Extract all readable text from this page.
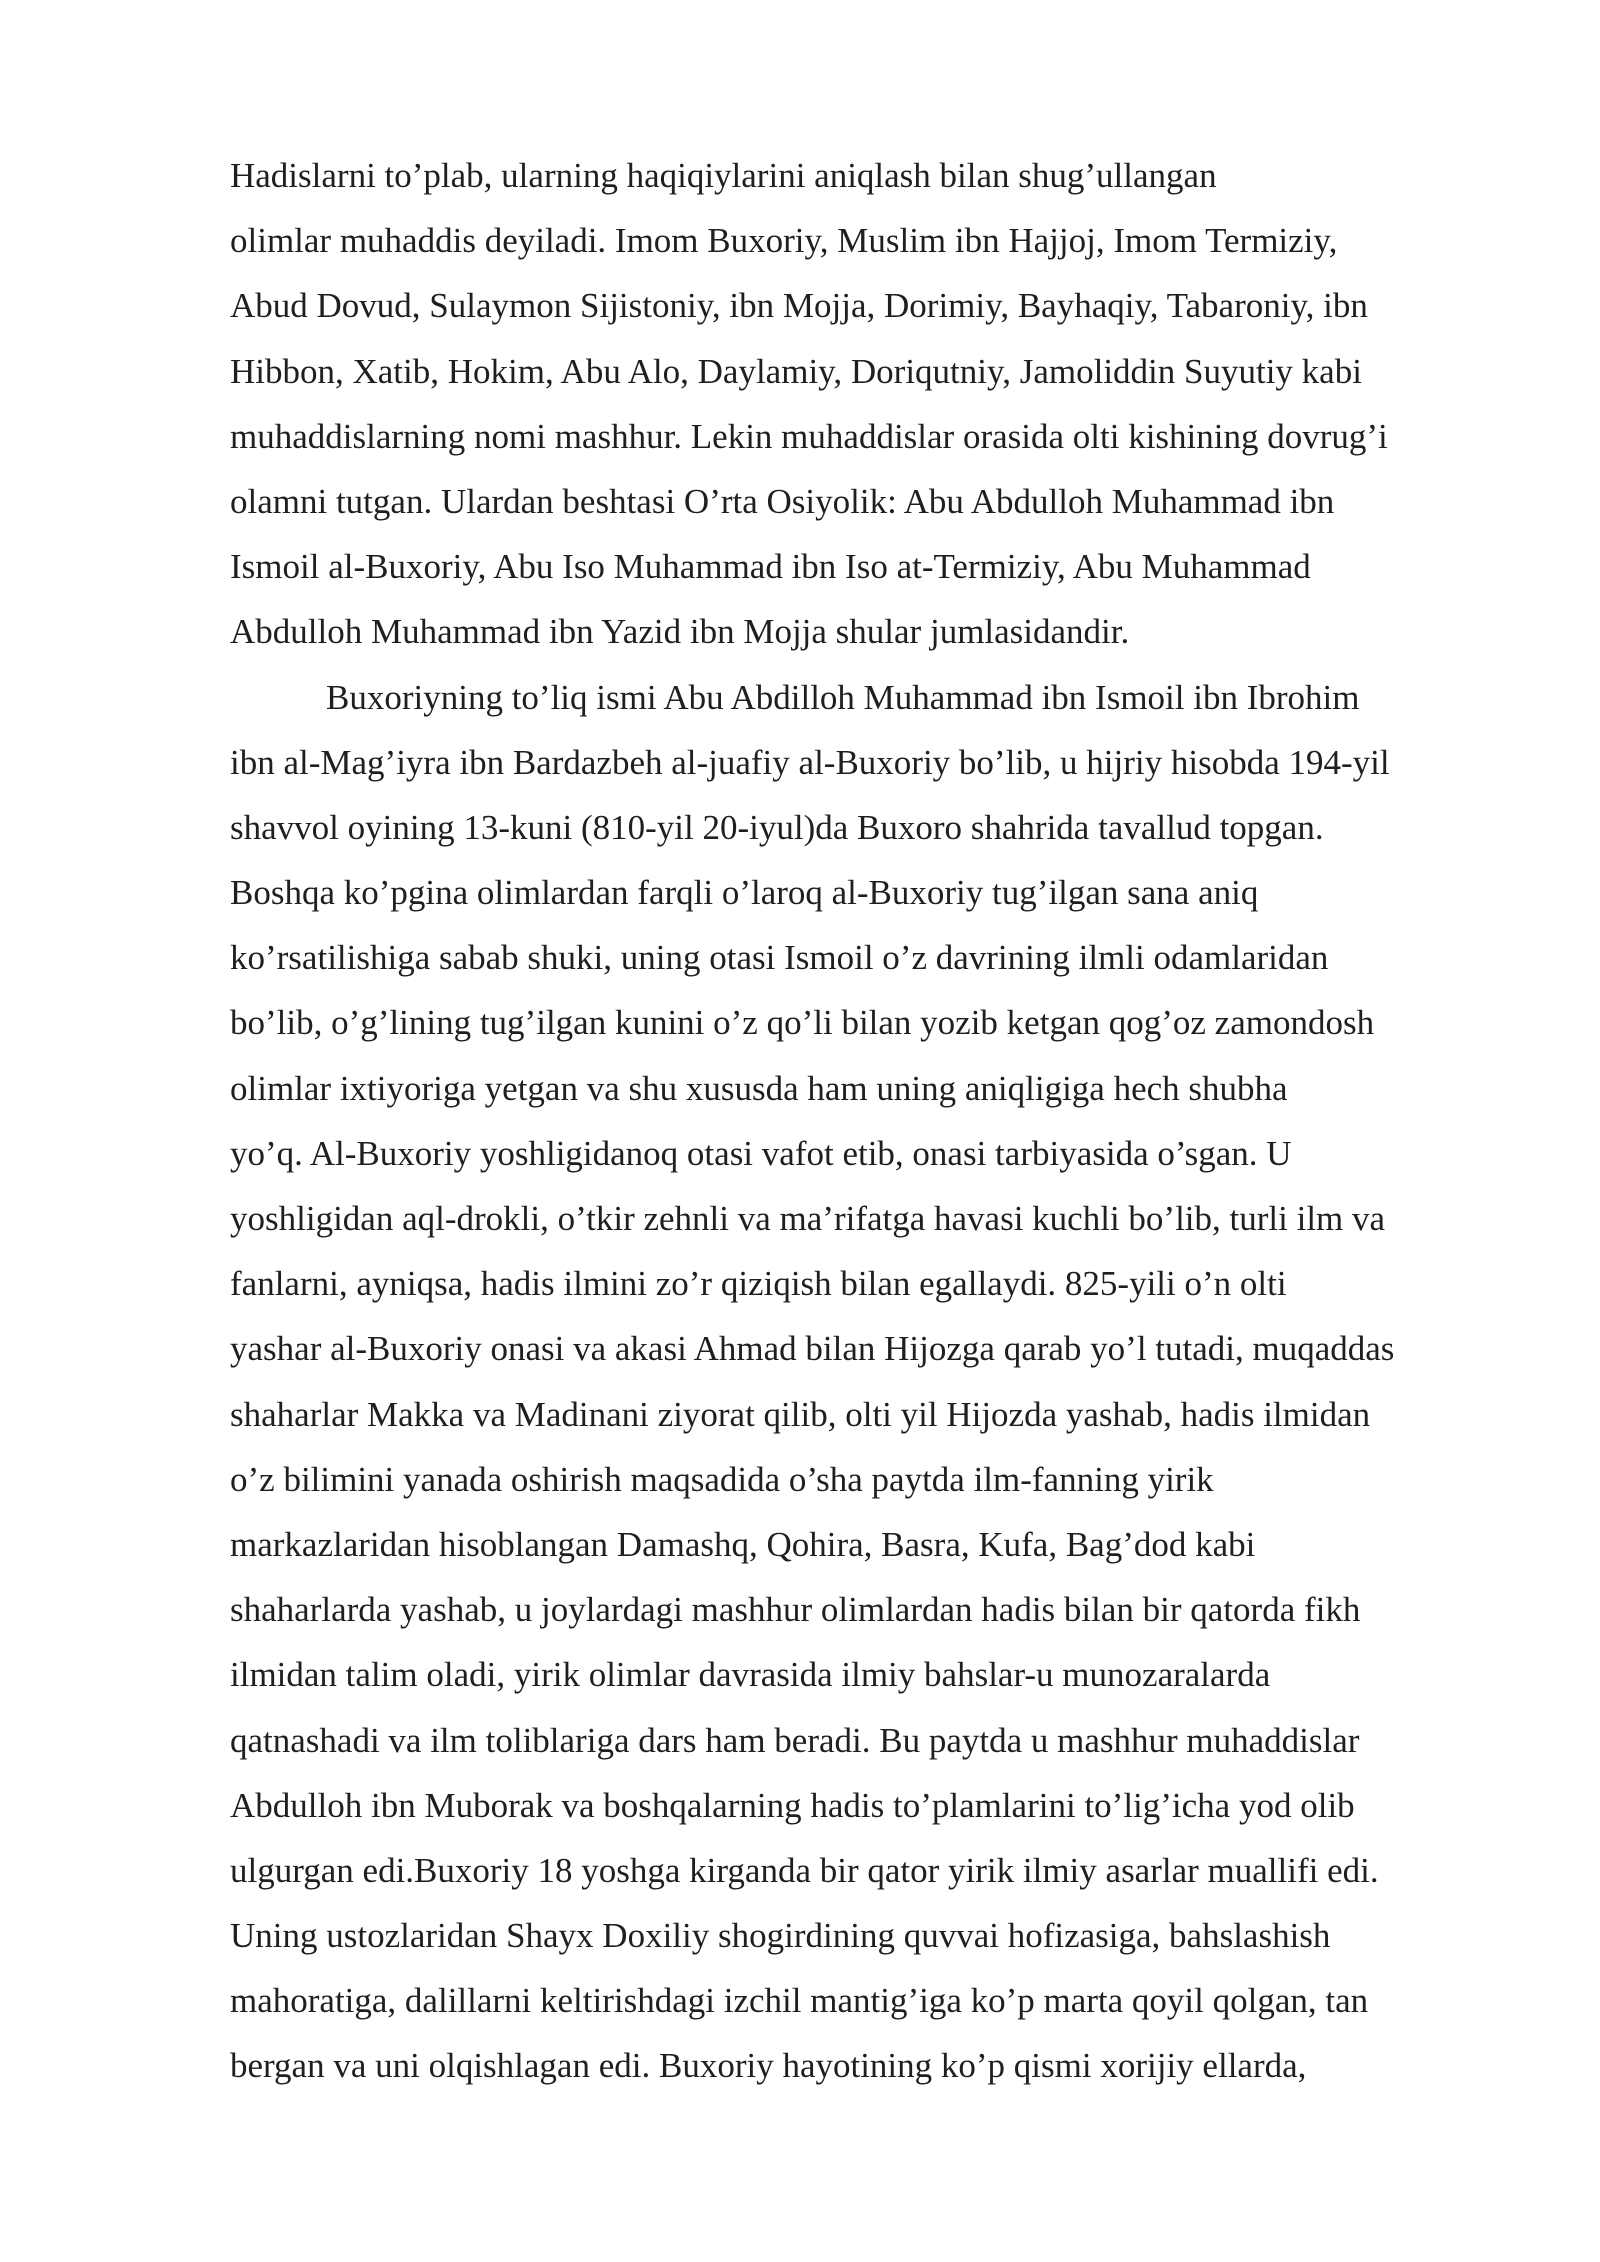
Hadislarni to’plab, ularning haqiqiylarini aniqlash bilan shug’ullangan
olimlar muhaddis deyiladi. Imom Buxoriy, Muslim ibn Hajjoj, Imom Termiziy,
Abud Dovud, Sulaymon Sijistoniy, ibn Mojja, Dorimiy, Bayhaqiy, Tabaroniy, ibn
Hibbon, Xatib, Hokim, Abu Alo, Daylamiy, Doriqutniy, Jamoliddin Suyutiy kabi
muhaddislarning nomi mashhur. Lekin muhaddislar orasida olti kishining dovrug’i
olamni tutgan. Ulardan beshtasi O’rta Osiyolik: Abu Abdulloh Muhammad ibn
Ismoil al-Buxoriy, Abu Iso Muhammad ibn Iso at-Termiziy, Abu Muhammad
Abdulloh Muhammad ibn Yazid ibn Mojja shular jumlasidandir.
Buxoriyning to’liq ismi Abu Abdilloh Muhammad ibn Ismoil ibn Ibrohim
ibn al-Mag’iyra ibn Bardazbeh al-juafiy al-Buxoriy bo’lib, u hijriy hisobda 194-yil
shavvol oyining 13-kuni (810-yil 20-iyul)da Buxoro shahrida tavallud topgan.
Boshqa ko’pgina olimlardan farqli o’laroq al-Buxoriy tug’ilgan sana aniq
ko’rsatilishiga sabab shuki, uning otasi Ismoil o’z davrining ilmli odamlaridan
bo’lib, o’g’lining tug’ilgan kunini o’z qo’li bilan yozib ketgan qog’oz zamondosh
olimlar ixtiyoriga yetgan va shu xususda ham uning aniqligiga hech shubha
yo’q. Al-Buxoriy yoshligidanoq otasi vafot etib, onasi tarbiyasida o’sgan. U
yoshligidan aql-drokli, o’tkir zehnli va ma’rifatga havasi kuchli bo’lib, turli ilm va
fanlarni, ayniqsa, hadis ilmini zo’r qiziqish bilan egallaydi. 825-yili o’n olti
yashar al-Buxoriy onasi va akasi Ahmad bilan Hijozga qarab yo’l tutadi, muqaddas
shaharlar Makka va Madinani ziyorat qilib, olti yil Hijozda yashab, hadis ilmidan
o’z bilimini yanada oshirish maqsadida o’sha paytda ilm-fanning yirik
markazlaridan hisoblangan Damashq, Qohira, Basra, Kufa, Bag’dod kabi
shaharlarda yashab, u joylardagi mashhur olimlardan hadis bilan bir qatorda fikh
ilmidan talim oladi, yirik olimlar davrasida ilmiy bahslar-u munozaralarda
qatnashadi va ilm toliblariga dars ham beradi. Bu paytda u mashhur muhaddislar
Abdulloh ibn Muborak va boshqalarning hadis to’plamlarini to’lig’icha yod olib
ulgurgan edi.Buxoriy 18 yoshga kirganda bir qator yirik ilmiy asarlar muallifi edi.
Uning ustozlaridan Shayx Doxiliy shogirdining quvvai hofizasiga, bahslashish
mahoratiga, dalillarni keltirishdagi izchil mantig’iga ko’p marta qoyil qolgan, tan
bergan va uni olqishlagan edi. Buxoriy hayotining ko’p qismi xorijiy ellarda,
